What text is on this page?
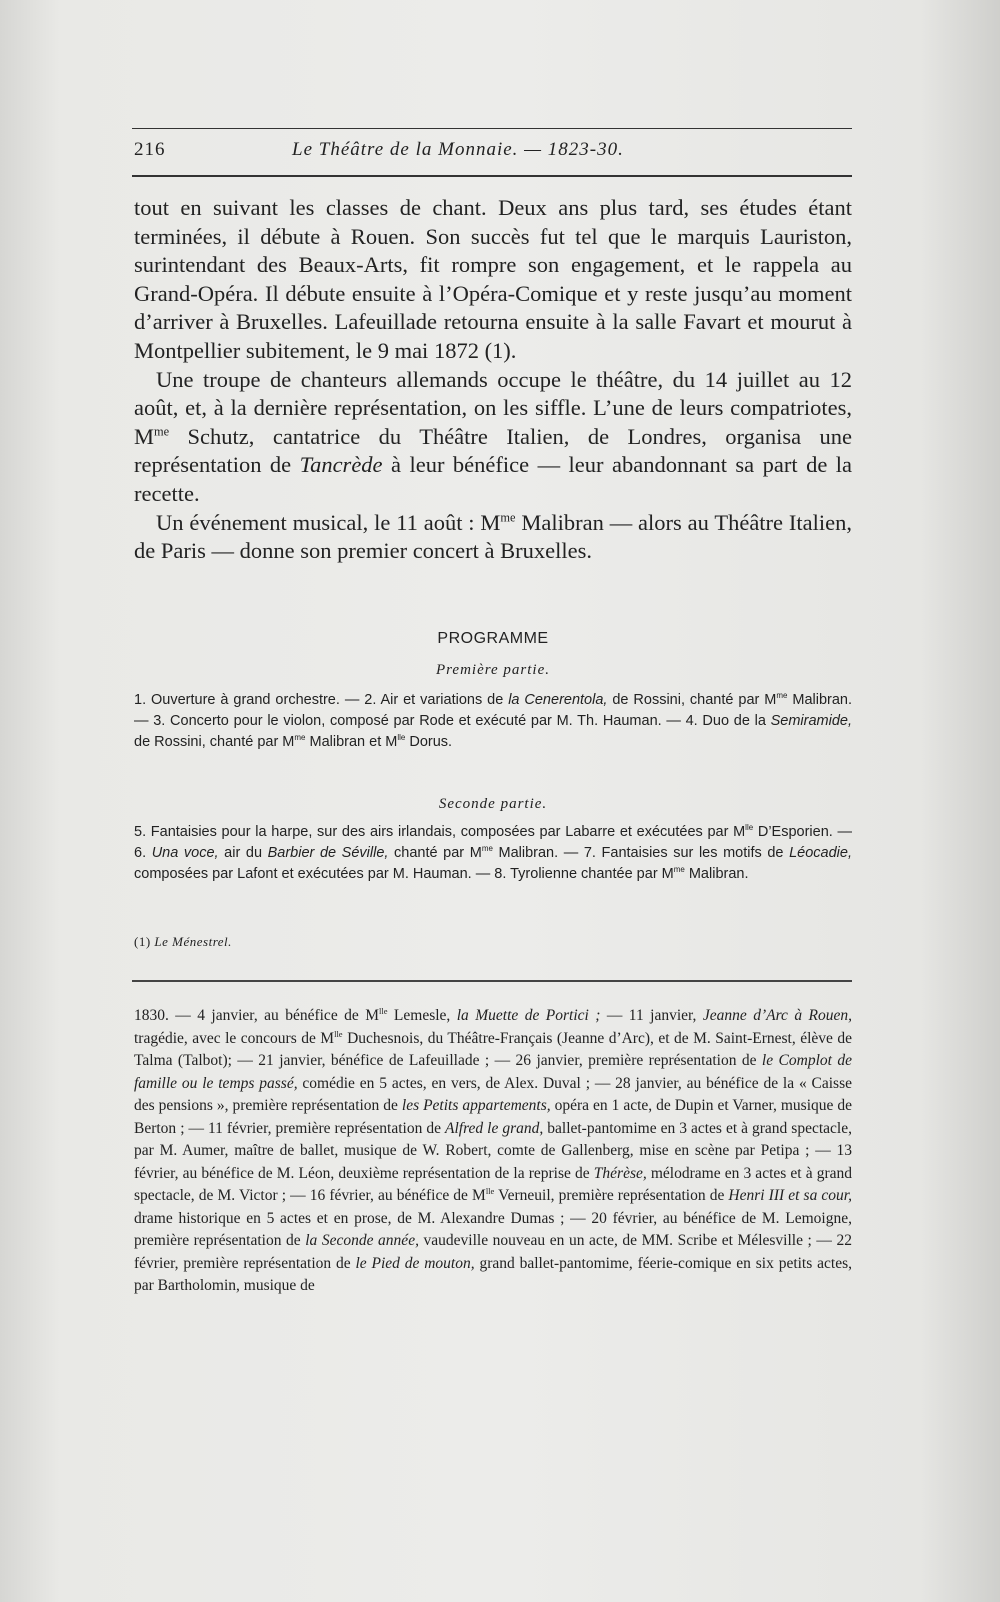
216	Le Théâtre de la Monnaie. — 1823-30.

tout en suivant les classes de chant. Deux ans plus tard, ses études étant terminées, il débute à Rouen. Son succès fut tel que le marquis Lauriston, surintendant des Beaux-Arts, fit rompre son engagement, et le rappela au Grand-Opéra. Il débute ensuite à l’Opéra-Comique et y reste jusqu’au moment d’arriver à Bruxelles. Lafeuillade retourna ensuite à la salle Favart et mourut à Montpellier subitement, le 9 mai 1872 (1).

Une troupe de chanteurs allemands occupe le théâtre, du 14 juillet au 12 août, et, à la dernière représentation, on les siffle. L’une de leurs compatriotes, $M^{me}$ Schutz, cantatrice du Théâtre Italien, de Londres, organisa une représentation de Tancrède à leur bénéfice — leur abandonnant sa part de la recette.

Un événement musical, le 11 août : $M^{me}$ Malibran — alors au Théâtre Italien, de Paris — donne son premier concert à Bruxelles.

PROGRAMME
Première partie.

1. Ouverture à grand orchestre. — 2. Air et variations de la Cenerentola, de Rossini, chanté par $M^{me}$ Malibran. — 3. Concerto pour le violon, composé par Rode et exécuté par M. Th. Hauman. — 4. Duo de la Semiramide, de Rossini, chanté par $M^{me}$ Malibran et $M^{lle}$ Dorus.

Seconde partie.

5. Fantaisies pour la harpe, sur des airs irlandais, composées par Labarre et exécutées par $M^{lle}$ D’Esporien. — 6. Una voce, air du Barbier de Séville, chanté par $M^{me}$ Malibran. — 7. Fantaisies sur les motifs de Léocadie, composées par Lafont et exécutées par M. Hauman. — 8. Tyrolienne chantée par $M^{me}$ Malibran.

(1) Le Ménestrel.

1830. — 4 janvier, au bénéfice de $M^{lle}$ Lemesle, la Muette de Portici ; — 11 janvier, Jeanne d’Arc à Rouen, tragédie, avec le concours de $M^{lle}$ Duchesnois, du Théâtre-Français (Jeanne d’Arc), et de M. Saint-Ernest, élève de Talma (Talbot); — 21 janvier, bénéfice de Lafeuillade ; — 26 janvier, première représentation de le Complot de famille ou le temps passé, comédie en 5 actes, en vers, de Alex. Duval ; — 28 janvier, au bénéfice de la « Caisse des pensions », première représentation de les Petits appartements, opéra en 1 acte, de Dupin et Varner, musique de Berton ; — 11 février, première représentation de Alfred le grand, ballet-pantomime en 3 actes et à grand spectacle, par M. Aumer, maître de ballet, musique de W. Robert, comte de Gallenberg, mise en scène par Petipa ; — 13 février, au bénéfice de M. Léon, deuxième représentation de la reprise de Thérèse, mélodrame en 3 actes et à grand spectacle, de M. Victor ; — 16 février, au bénéfice de $M^{lle}$ Verneuil, première représentation de Henri III et sa cour, drame historique en 5 actes et en prose, de M. Alexandre Dumas ; — 20 février, au bénéfice de M. Lemoigne, première représentation de la Seconde année, vaudeville nouveau en un acte, de MM. Scribe et Mélesville ; — 22 février, première représentation de le Pied de mouton, grand ballet-pantomime, féerie-comique en six petits actes, par Bartholomin, musique de
